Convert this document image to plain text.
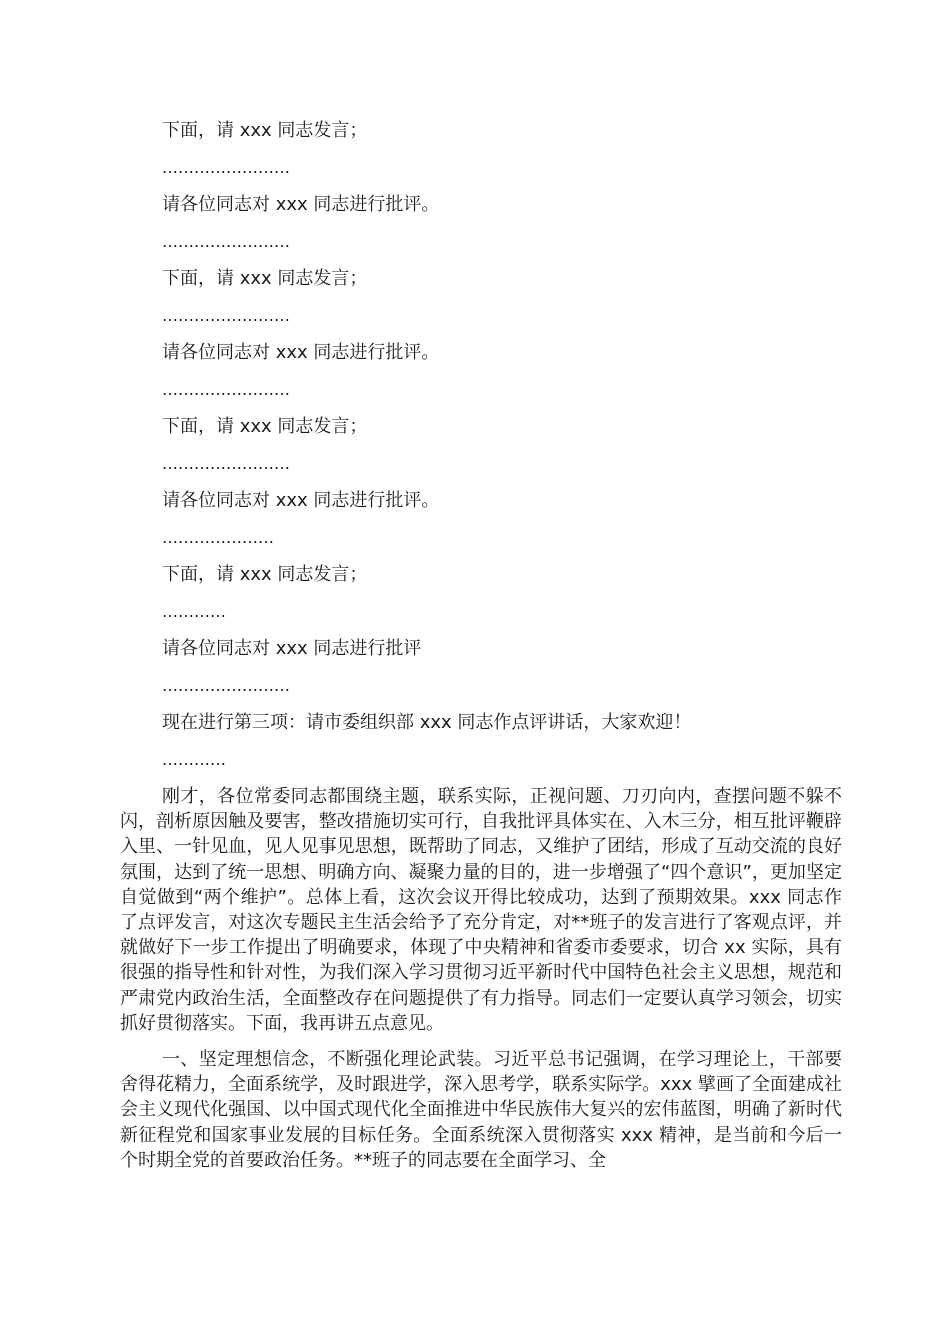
下面，请 xxx 同志发言；

……………………

请各位同志对 xxx 同志进行批评。

……………………

下面，请 xxx 同志发言；

……………………

请各位同志对 xxx 同志进行批评。

……………………

下面，请 xxx 同志发言；

……………………

请各位同志对 xxx 同志进行批评。

…………………

下面，请 xxx 同志发言；

…………

请各位同志对 xxx 同志进行批评

……………………

现在进行第三项：请市委组织部 xxx 同志作点评讲话，大家欢迎！

…………

刚才，各位常委同志都围绕主题，联系实际，正视问题、刀刃向内，查摆问题不躲不闪，剖析原因触及要害，整改措施切实可行，自我批评具体实在、入木三分，相互批评鞭辟入里、一针见血，见人见事见思想，既帮助了同志，又维护了团结，形成了互动交流的良好氛围，达到了统一思想、明确方向、凝聚力量的目的，进一步增强了“四个意识”，更加坚定自觉做到“两个维护”。总体上看，这次会议开得比较成功，达到了预期效果。xxx 同志作了点评发言，对这次专题民主生活会给予了充分肯定，对**班子的发言进行了客观点评，并就做好下一步工作提出了明确要求，体现了中央精神和省委市委要求，切合 xx 实际，具有很强的指导性和针对性，为我们深入学习贯彻习近平新时代中国特色社会主义思想，规范和严肃党内政治生活，全面整改存在问题提供了有力指导。同志们一定要认真学习领会，切实抓好贯彻落实。下面，我再讲五点意见。

一、坚定理想信念，不断强化理论武装。习近平总书记强调，在学习理论上，干部要舍得花精力，全面系统学，及时跟进学，深入思考学，联系实际学。xxx 擘画了全面建成社会主义现代化强国、以中国式现代化全面推进中华民族伟大复兴的宏伟蓝图，明确了新时代新征程党和国家事业发展的目标任务。全面系统深入贯彻落实 xxx 精神，是当前和今后一个时期全党的首要政治任务。**班子的同志要在全面学习、全
